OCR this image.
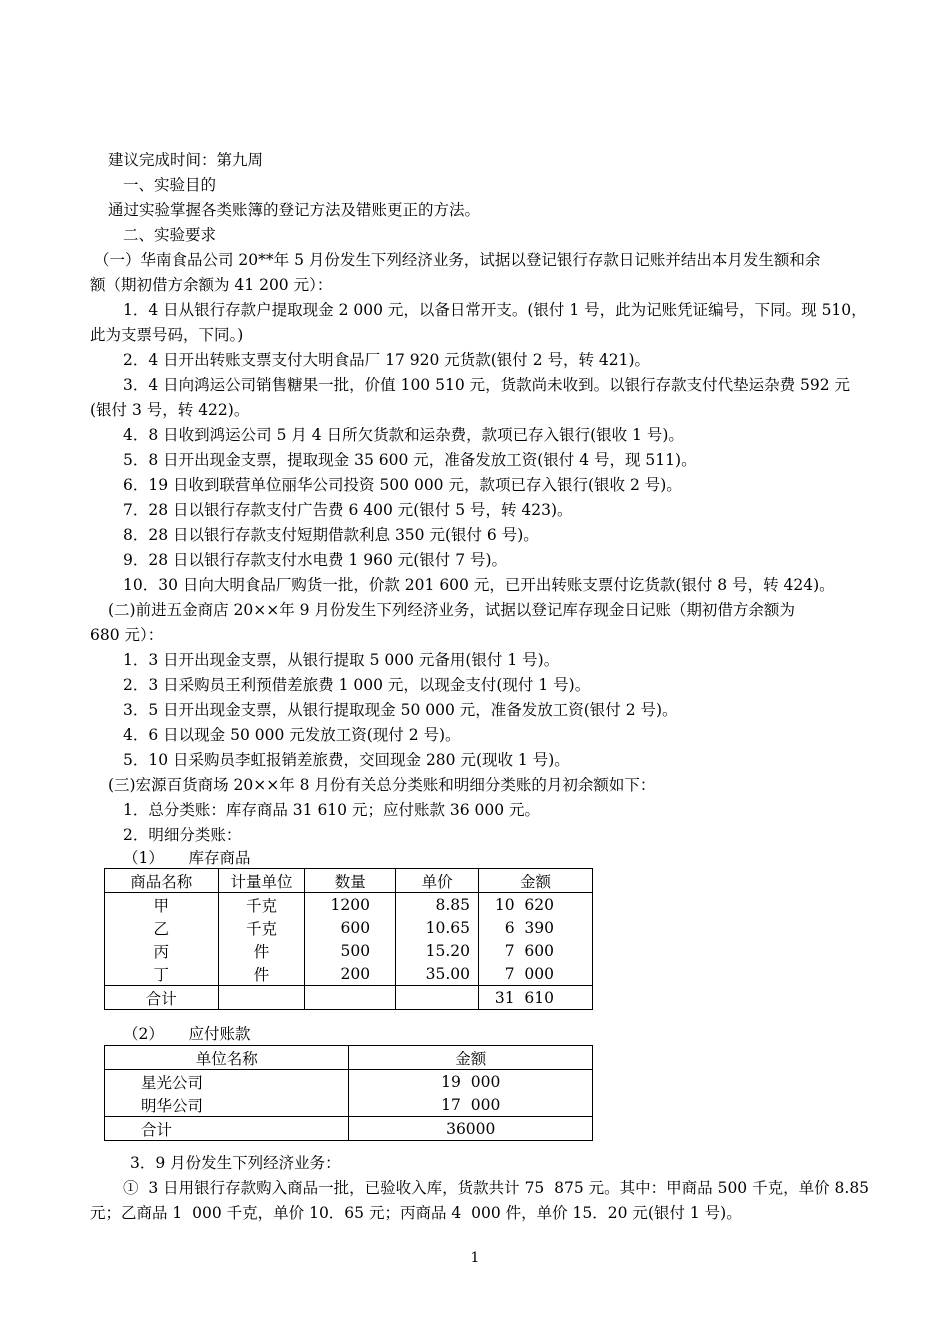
建议完成时间：第九周
一、实验目的
通过实验掌握各类账簿的登记方法及错账更正的方法。
二、实验要求
（一）华南食品公司 20**年 5 月份发生下列经济业务，试据以登记银行存款日记账并结出本月发生额和余
额（期初借方余额为 41 200 元）：
1．4 日从银行存款户提取现金 2 000 元，以备日常开支。(银付 1 号，此为记账凭证编号，下同。现 510，
此为支票号码，下同。)
2．4 日开出转账支票支付大明食品厂 17 920 元货款(银付 2 号，转 421)。
3．4 日向鸿运公司销售糖果一批，价值 100 510 元，货款尚未收到。以银行存款支付代垫运杂费 592 元
(银付 3 号，转 422)。
4．8 日收到鸿运公司 5 月 4 日所欠货款和运杂费，款项已存入银行(银收 1 号)。
5．8 日开出现金支票，提取现金 35 600 元，准备发放工资(银付 4 号，现 511)。
6．19 日收到联营单位丽华公司投资 500 000 元，款项已存入银行(银收 2 号)。
7．28 日以银行存款支付广告费 6 400 元(银付 5 号，转 423)。
8．28 日以银行存款支付短期借款利息 350 元(银付 6 号)。
9．28 日以银行存款支付水电费 1 960 元(银付 7 号)。
10．30 日向大明食品厂购货一批，价款 201 600 元，已开出转账支票付讫货款(银付 8 号，转 424)。
(二)前进五金商店 20××年 9 月份发生下列经济业务，试据以登记库存现金日记账（期初借方余额为
680 元）：
1．3 日开出现金支票，从银行提取 5 000 元备用(银付 1 号)。
2．3 日采购员王利预借差旅费 1 000 元，以现金支付(现付 1 号)。
3．5 日开出现金支票，从银行提取现金 50 000 元，准备发放工资(银付 2 号)。
4．6 日以现金 50 000 元发放工资(现付 2 号)。
5．10 日采购员李虹报销差旅费，交回现金 280 元(现收 1 号)。
(三)宏源百货商场 20××年 8 月份有关总分类账和明细分类账的月初余额如下：
1．总分类账：库存商品 31 610 元；应付账款 36 000 元。
2．明细分类账：
（1）     库存商品
商品名称	计量单位	数量	单价	金额
甲	千克	1200	8.85	10  620
乙	千克	600	10.65	6  390
丙	件	500	15.20	7  600
丁	件	200	35.00	7  000
合计				31  610
（2）     应付账款
单位名称	金额
星光公司	19  000
明华公司	17  000
合计	36000
3．9 月份发生下列经济业务：
①  3 日用银行存款购入商品一批，已验收入库，货款共计 75  875 元。其中：甲商品 500 千克，单价 8.85
元；乙商品 1  000 千克，单价 10．65 元；丙商品 4  000 件，单价 15．20 元(银付 1 号)。
1
